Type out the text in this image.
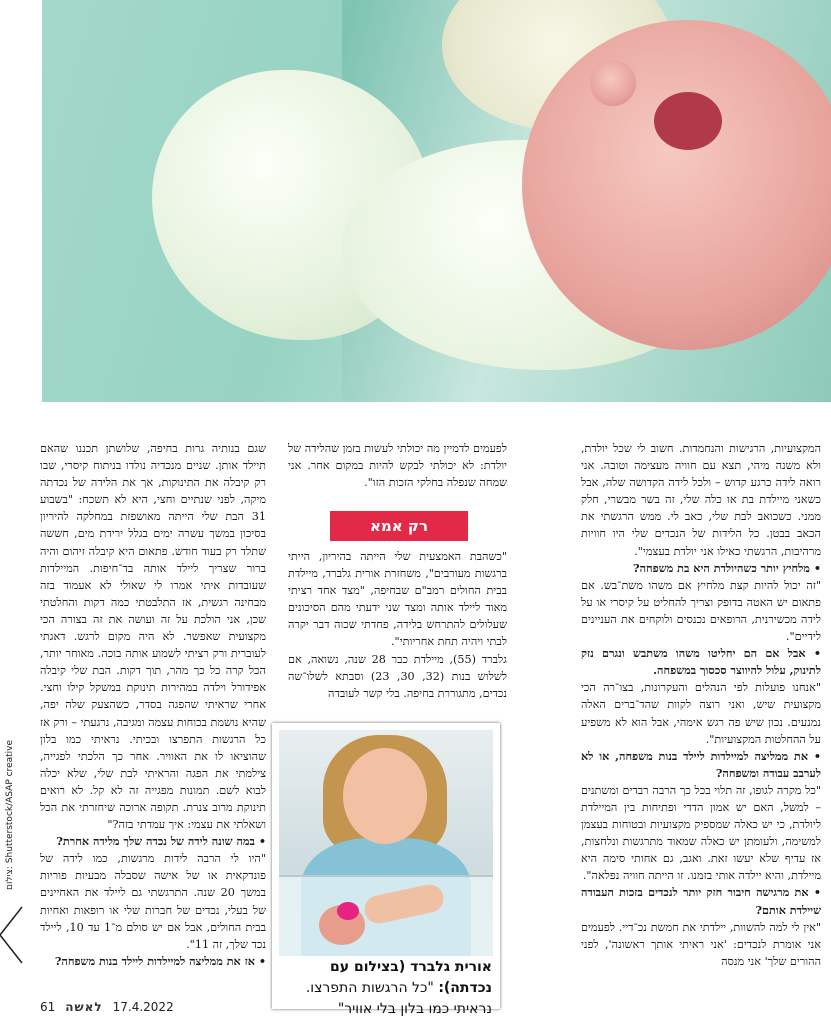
המקצועיות, הרגישות והנחמדות. חשוב לי שכל יולדת, ולא משנה מיהי, תצא עם חוויה מעצימה וטובה. אני רואה לידה כרגע קדוש – ולכל לידה הקדושה שלה, אבל כשאני מיילדת בת או כלה שלי, זה בשר מבשרי, חלק ממני. כשכואב לבת שלי, כאב לי. ממש הרגשתי את הכאב בבטן. כל הלידות של הנכדים שלי היו חוויות מרהיבות, הרגשתי כאילו אני יולדת בעצמי".

• מלחיץ יותר כשהיולדת היא בת משפחה?

"זה יכול להיות קצת מלחיץ אם משהו משת־בש. אם פתאום יש האטה בדופק וצריך להחליט על קיסרי או על לידה מכשירנית, הרופאים נכנסים ולוקחים את העניינים לידיים".

• אבל אם הם יחליטו משהו משתבש ונגרם נזק לתינוק, עלול להיווצר סכסוך במשפחה.

"אנחנו פועלות לפי הנהלים והעקרונות, בצו־רה הכי מקצועית שיש, ואני רוצה לקוות שהד־ברים האלה נמנעים. נכון שיש פה רגש אימהי, אבל הוא לא משפיע על ההחלטות המקצועיות".

• את ממליצה למיילדות ליילד בנות משפחה, או לא לערבב עבודה ומשפחה?

"כל מקרה לגופו, זה תלוי בכל כך הרבה רבדים ומשתנים – למשל, האם יש אמון הדדי ופתיחות בין המיילדת ליולדת, כי יש כאלה שמספיק מקצועיות ובטוחות בעצמן למשימה, ולעומתן יש כאלה שמאוד מתרגשות ונלחצות, אז עדיף שלא יעשו זאת. ואגב, גם אחותי סימה היא מיילדת, והיא יילדה אותי בזמנו. זו הייתה חוויה נפלאה".

• את מרגישה חיבור חזק יותר לנכדים בזכות העבודה שיילדת אותם?

"אין לי למה להשוות, יילדתי את חמשת נכ־דיי. לפעמים אני אומרת לנכדים: 'אני ראיתי אותך ראשונה', לפני ההורים שלך' אני מנסה

לפעמים לדמיין מה יכולתי לעשות בזמן שהלידה של יולדת: לא יכולתי לבקש להיות במקום אחר. אני שמחה שנפלה בחלקי הזכות הזו".

רק אמא

"כשהבת האמצעית שלי הייתה בהיריון, הייתי ברגשות מעורבים", משחזרת אורית גלברד, מיילדת בבית החולים רמב"ם שבחיפה, "מצד אחד רציתי מאוד ליילד אותה ומצד שני ידעתי מהם הסיכונים שעלולים להתרחש בלידה, פחדתי שכוה דבר יקרה לבתי ויהיה תחת אחריותי".

גלברד (55), מיילדת כבר 28 שנה, נשואה, אם לשלוש בנות (32, 30, 23) וסבתא לשלו־שה נכדים, מתגוררת בחיפה. בלי קשר לעובדה

שגם בנותיה גרות בחיפה, שלושתן תכננו שהאם תיילד אותן. שניים מנכדיה נולדו בניתוח קיסרי, שבו רק קיבלה את התינוקות, אך את הלידה של נכדתה מיקה, לפני שנתיים וחצי, היא לא תשכח: "בשבוע 31 הבת שלי הייתה מאושפזת במחלקה להיריון בסיכון במשך עשרה ימים בגלל ירידת מים, חששה שתלד רק בעוד חודש. פתאום היא קיבלה זיהום והיה ברור שצריך ליילד אותה בד־חיפות. המיילדות שעובדות איתי אמרו לי שאולי לא אעמוד בזה מבחינה רגשית, אז התלבטתי כמה דקות והחלטתי שכן, אני הולכת על זה ועושה את זה בצורה הכי מקצועית שאפשר. לא היה מקום לרגש. דאגתי לעוברית ורק רציתי לשמוע אותה בוכה. מאוחר יותר, הכל קרה כל כך מהר, תוך דקות. הבת שלי קיבלה אפידורל וילדה במהירות תינוקת במשקל קילו וחצי. אחרי שראיתי שהפגה בסדר, כשהצעק שלה יפה, שהיא נושמת בכוחות עצמה ומגיבה, נרגעתי – ורק אז כל הרגשות התפרצו ובכיתי. נראיתי כמו בלון שהוציאו לו את האוויר. אחר כך הלכתי לפגייה, צילמתי את הפגה והראיתי לבת שלי, שלא יכלה לבוא לשם. תמונות מפגייה זה לא קל. לא רואים תינוקת מרוב צנרת. תקופה ארוכה שיחזרתי את הכל ושאלתי את עצמי: איך עמדתי בזה?"

• במה שונה לידה של נכדה שלך מלידה אחרת?

"היו לי הרבה לידות מרגשות, כמו לידה של פונדקאית או של אישה שסבלה מבעיות פוריות במשך 20 שנה. התרגשתי גם ליילד את האחיינים של בעלי, נכדים של חברות שלי או רופאות ואחיות בבית החולים, אבל אם יש סולם מ־1 עד 10, ליילד נכד שלך, זה 11".

• אז את ממליצה למיילדות ליילד בנות משפחה?	אורית גלברד (בצילום עם נכדתה): "כל הרגשות התפרצו. נראיתי כמו בלון בלי אוויר"
צילום: Shutterstock/ASAP creative
61 לאשה 17.4.2022
